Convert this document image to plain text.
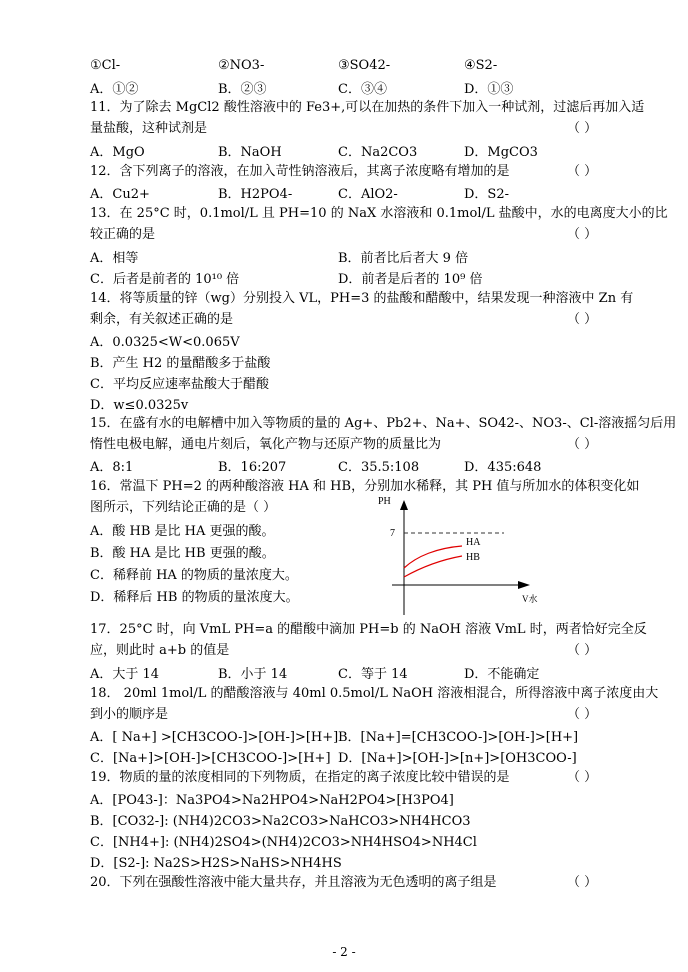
①Cl-	②NO3-	③SO42-	④S2-
A．①②	B．②③	C．③④	D．①③
11．为了除去 MgCl2 酸性溶液中的 Fe3+,可以在加热的条件下加入一种试剂，过滤后再加入适
量盐酸，这种试剂是	（ ）
A．MgO	B．NaOH	C．Na2CO3	D．MgCO3
12．含下列离子的溶液，在加入苛性钠溶液后，其离子浓度略有增加的是	（ ）
A．Cu2+	B．H2PO4-	C．AlO2-	D．S2-
13．在 25°C 时，0.1mol/L 且 PH=10 的 NaX 水溶液和 0.1mol/L 盐酸中，水的电离度大小的比
较正确的是	（ ）
A．相等	B．前者比后者大 9 倍
C．后者是前者的 10¹⁰ 倍	D．前者是后者的 10⁹ 倍
14．将等质量的锌（wg）分别投入 VL，PH=3 的盐酸和醋酸中，结果发现一种溶液中 Zn 有
剩余，有关叙述正确的是	（ ）
A．0.0325<W<0.065V
B．产生 H2 的量醋酸多于盐酸
C．平均反应速率盐酸大于醋酸
D．w≤0.0325v
15．在盛有水的电解槽中加入等物质的量的 Ag+、Pb2+、Na+、SO42-、NO3-、Cl-溶液摇匀后用
惰性电极电解，通电片刻后，氧化产物与还原产物的质量比为	（ ）
A．8:1	B．16:207	C．35.5:108	D．435:648
16．常温下 PH=2 的两种酸溶液 HA 和 HB，分别加水稀释，其 PH 值与所加水的体积变化如
图所示，下列结论正确的是（ ）
A．酸 HB 是比 HA 更强的酸。
B．酸 HA 是比 HB 更强的酸。
C．稀释前 HA 的物质的量浓度大。
D．稀释后 HB 的物质的量浓度大。
PH
7
HA
HB
V水
17．25°C 时，向 VmL PH=a 的醋酸中滴加 PH=b 的 NaOH 溶液 VmL 时，两者恰好完全反
应，则此时 a+b 的值是	（ ）
A．大于 14	B．小于 14	C．等于 14	D．不能确定
18． 20ml 1mol/L 的醋酸溶液与 40ml 0.5mol/L NaOH 溶液相混合，所得溶液中离子浓度由大
到小的顺序是	（ ）
A．[ Na+] >[CH3COO-]>[OH-]>[H+] B．[Na+]=[CH3COO-]>[OH-]>[H+]
C．[Na+]>[OH-]>[CH3COO-]>[H+] D．[Na+]>[OH-]>[n+]>[OH3COO-]
19．物质的量的浓度相同的下列物质，在指定的离子浓度比较中错误的是	（ ）
A．[PO43-]：Na3PO4>Na2HPO4>NaH2PO4>[H3PO4]
B．[CO32-]: (NH4)2CO3>Na2CO3>NaHCO3>NH4HCO3
C．[NH4+]: (NH4)2SO4>(NH4)2CO3>NH4HSO4>NH4Cl
D．[S2-]: Na2S>H2S>NaHS>NH4HS
20．下列在强酸性溶液中能大量共存，并且溶液为无色透明的离子组是	（ ）
- 2 -
